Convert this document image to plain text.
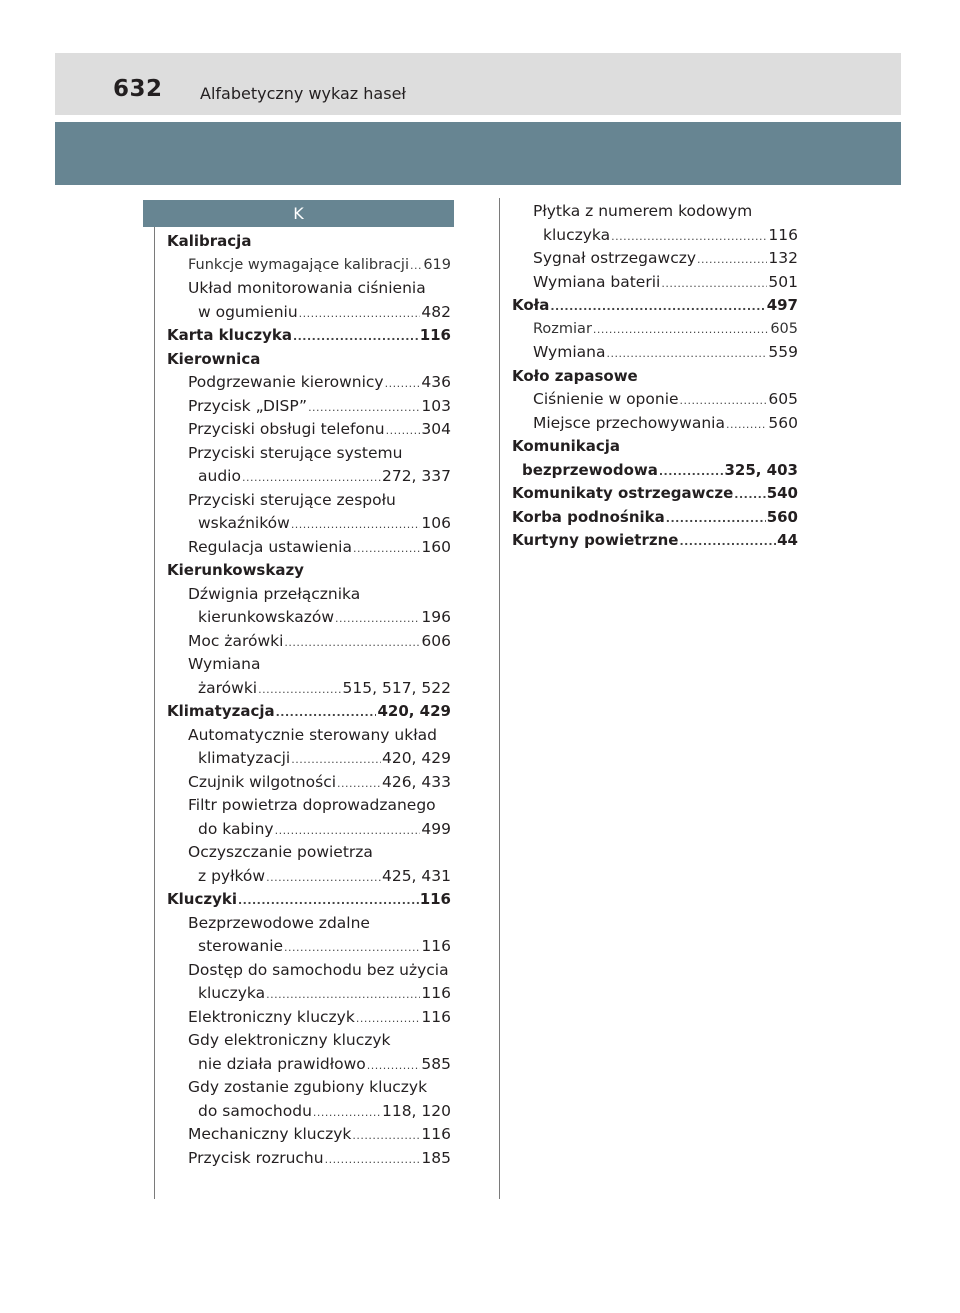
632 Alfabetyczny wykaz haseł
K
Kalibracja
Funkcje wymagające kalibracji ..... 619
Układ monitorowania ciśnienia
w ogumieniu .....	482
Karta kluczyka .....	116
Kierownica
Podgrzewanie kierownicy ..... 436
Przycisk „DISP” .....	103
Przyciski obsługi telefonu ..... 304
Przyciski sterujące systemu
audio .....	272, 337
Przyciski sterujące zespołu
wskaźników .....	106
Regulacja ustawienia .....	160
Kierunkowskazy
Dźwignia przełącznika
kierunkowskazów .....	196
Moc żarówki .....	606
Wymiana
żarówki .....	515, 517, 522
Klimatyzacja .....	420, 429
Automatycznie sterowany układ
klimatyzacji .....	420, 429
Czujnik wilgotności .....	426, 433
Filtr powietrza doprowadzanego
do kabiny .....	499
Oczyszczanie powietrza
z pyłków .....	425, 431
Kluczyki .....	116
Bezprzewodowe zdalne
sterowanie .....	116
Dostęp do samochodu bez użycia
kluczyka .....	116
Elektroniczny kluczyk .....	116
Gdy elektroniczny kluczyk
nie działa prawidłowo .....	585
Gdy zostanie zgubiony kluczyk
do samochodu .....	118, 120
Mechaniczny kluczyk .....	116
Przycisk rozruchu .....	185
Płytka z numerem kodowym
kluczyka .....	116
Sygnał ostrzegawczy .....	132
Wymiana baterii .....	501
Koła .....	497
Rozmiar .....	605
Wymiana .....	559
Koło zapasowe
Ciśnienie w oponie .....	605
Miejsce przechowywania .....	560
Komunikacja
bezprzewodowa .....	325, 403
Komunikaty ostrzegawcze ..... 540
Korba podnośnika .....	560
Kurtyny powietrzne .....	44
